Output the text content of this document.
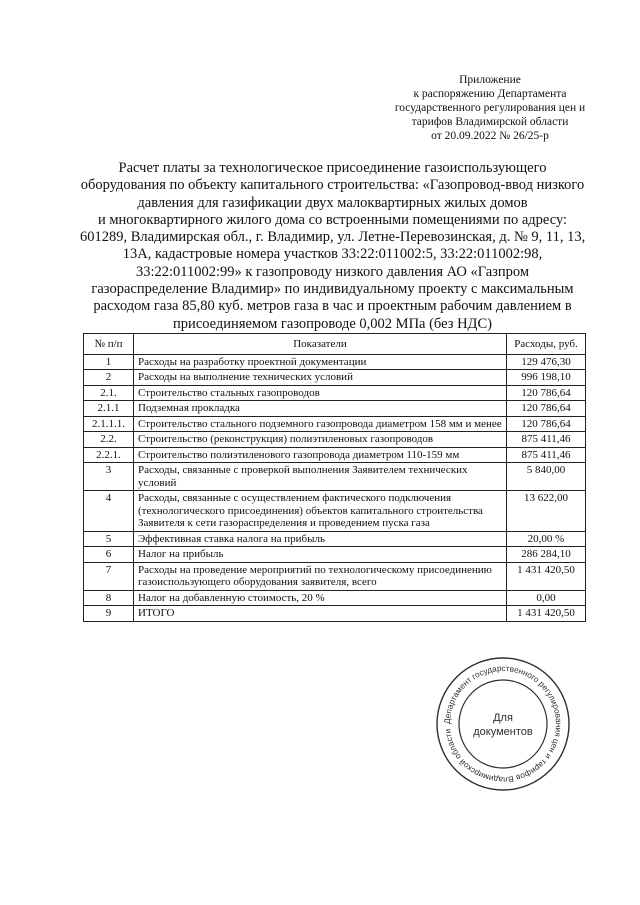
Приложение
к распоряжению Департамента
государственного регулирования цен и
тарифов Владимирской области
от 20.09.2022 № 26/25-р
Расчет платы за технологическое присоединение газоиспользующего
оборудования по объекту капитального строительства: «Газопровод-ввод низкого
давления для газификации двух малоквартирных жилых домов
и многоквартирного жилого дома со встроенными помещениями по адресу:
601289, Владимирская обл., г. Владимир, ул. Летне-Перевозинская, д. № 9, 11, 13,
13А, кадастровые номера участков 33:22:011002:5, 33:22:011002:98,
33:22:011002:99» к газопроводу низкого давления АО «Газпром
газораспределение Владимир» по индивидуальному проекту с максимальным
расходом газа 85,80 куб. метров газа в час и проектным рабочим давлением в
присоединяемом газопроводе 0,002 МПа (без НДС)
№ п/п	Показатели	Расходы, руб.
1	Расходы на разработку проектной документации	129 476,30
2	Расходы на выполнение технических условий	996 198,10
2.1.	Строительство стальных газопроводов	120 786,64
2.1.1	Подземная прокладка	120 786,64
2.1.1.1.	Строительство стального подземного газопровода диаметром 158 мм и менее	120 786,64
2.2.	Строительство (реконструкция) полиэтиленовых газопроводов	875 411,46
2.2.1.	Строительство полиэтиленового газопровода диаметром 110-159 мм	875 411,46
3	Расходы, связанные с проверкой выполнения Заявителем технических условий	5 840,00
4	Расходы, связанные с осуществлением фактического подключения (технологического присоединения) объектов капитального строительства Заявителя к сети газораспределения и проведением пуска газа	13 622,00
5	Эффективная ставка налога на прибыль	20,00 %
6	Налог на прибыль	286 284,10
7	Расходы на проведение мероприятий по технологическому присоединению газоиспользующего оборудования заявителя, всего	1 431 420,50
8	Налог на добавленную стоимость, 20 %	0,00
9	ИТОГО	1 431 420,50
Департамент государственного регулирования цен и тарифов Владимирской области
Для
документов
